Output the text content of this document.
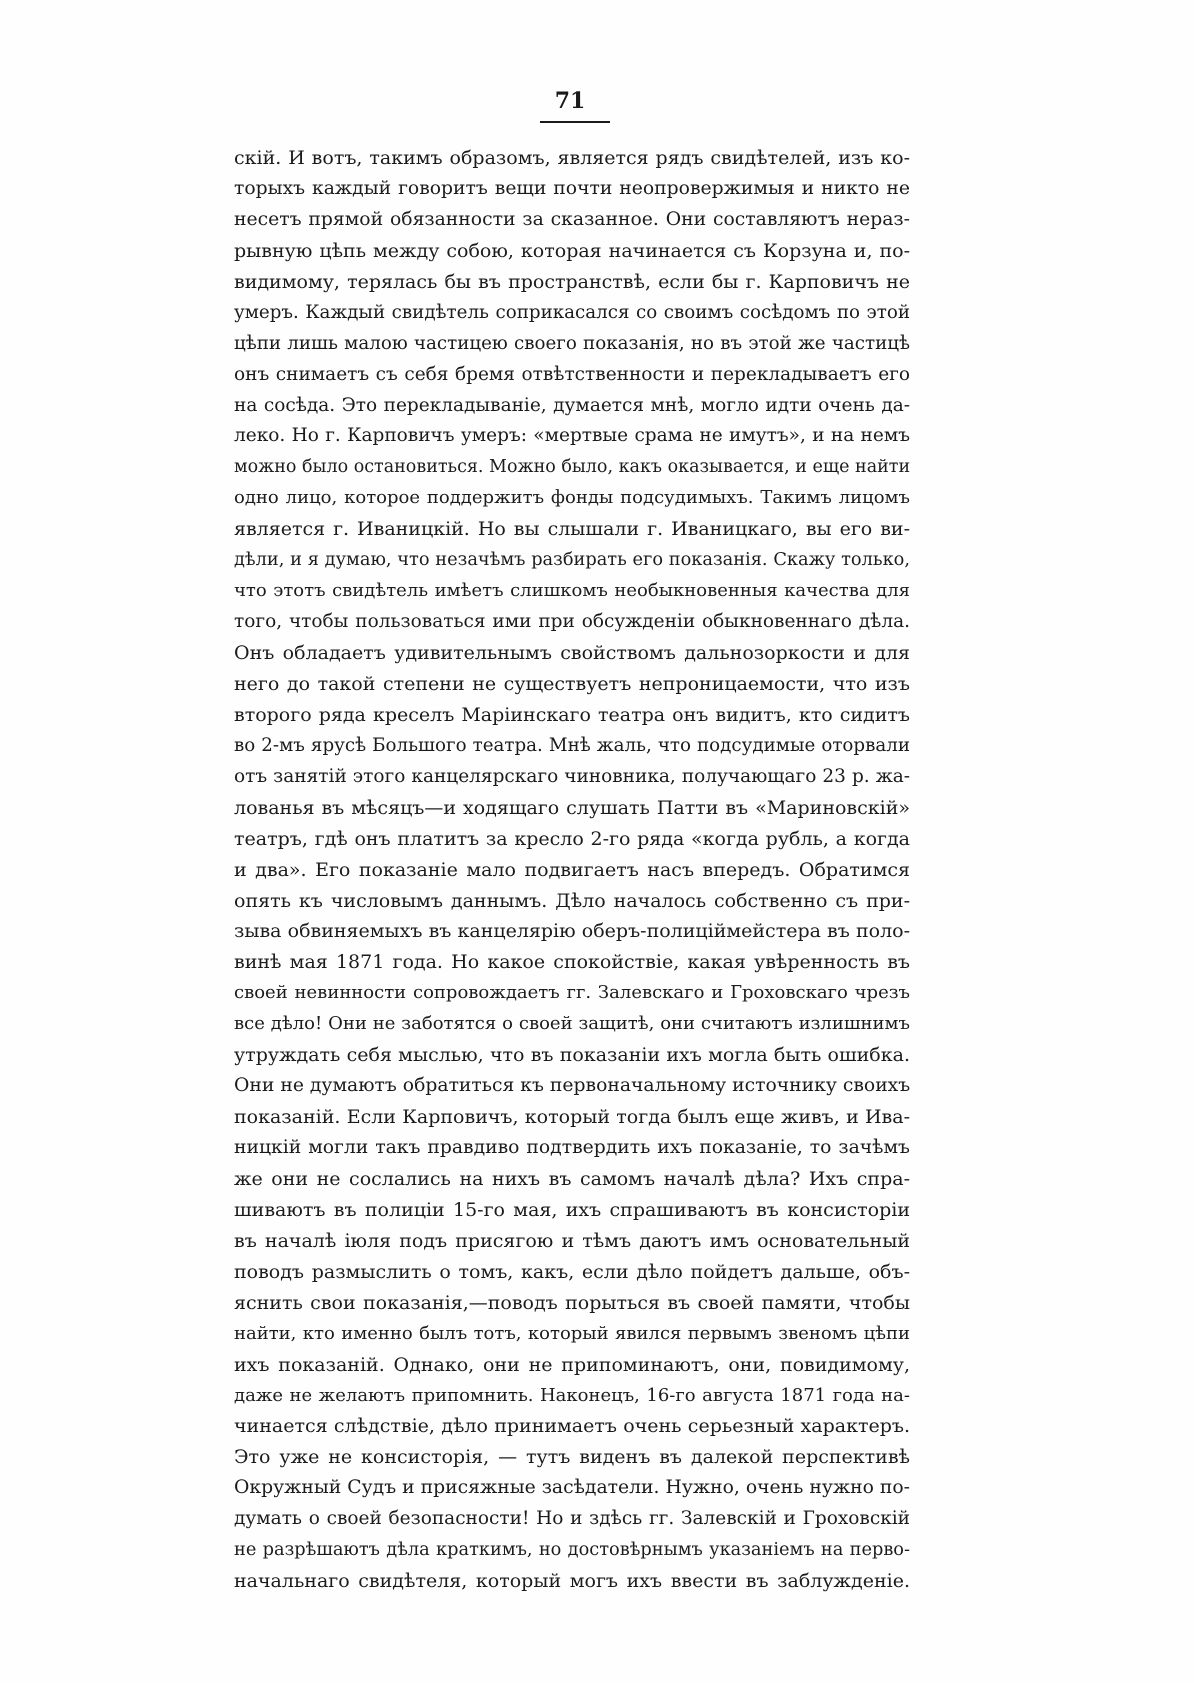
71
скій. И вотъ, такимъ образомъ, является рядъ свидѣтелей, изъ ко-
торыхъ каждый говоритъ вещи почти неопровержимыя и никто не
несетъ прямой обязанности за сказанное. Они составляютъ нераз-
рывную цѣпь между собою, которая начинается съ Корзуна и, по-
видимому, терялась бы въ пространствѣ, если бы г. Карповичъ не
умеръ. Каждый свидѣтель соприкасался со своимъ сосѣдомъ по этой
цѣпи лишь малою частицею своего показанія, но въ этой же частицѣ
онъ снимаетъ съ себя бремя отвѣтственности и перекладываетъ его
на сосѣда. Это перекладываніе, думается мнѣ, могло идти очень да-
леко. Но г. Карповичъ умеръ: «мертвые срама не имутъ», и на немъ
можно было остановиться. Можно было, какъ оказывается, и еще найти
одно лицо, которое поддержитъ фонды подсудимыхъ. Такимъ лицомъ
является г. Иваницкій. Но вы слышали г. Иваницкаго, вы его ви-
дѣли, и я думаю, что незачѣмъ разбирать его показанія. Скажу только,
что этотъ свидѣтель имѣетъ слишкомъ необыкновенныя качества для
того, чтобы пользоваться ими при обсужденіи обыкновеннаго дѣла.
Онъ обладаетъ удивительнымъ свойствомъ дальнозоркости и для
него до такой степени не существуетъ непроницаемости, что изъ
второго ряда креселъ Маріинскаго театра онъ видитъ, кто сидитъ
во 2-мъ ярусѣ Большого театра. Мнѣ жаль, что подсудимые оторвали
отъ занятій этого канцелярскаго чиновника, получающаго 23 р. жа-
лованья въ мѣсяцъ—и ходящаго слушать Патти въ «Мариновскій»
театръ, гдѣ онъ платитъ за кресло 2-го ряда «когда рубль, а когда
и два». Его показаніе мало подвигаетъ насъ впередъ. Обратимся
опять къ числовымъ даннымъ. Дѣло началось собственно съ при-
зыва обвиняемыхъ въ канцелярію оберъ-полицiймейстера въ поло-
винѣ мая 1871 года. Но какое спокойствіе, какая увѣренность въ
своей невинности сопровождаетъ гг. Залевскаго и Гроховскаго чрезъ
все дѣло! Они не заботятся о своей защитѣ, они считаютъ излишнимъ
утруждать себя мыслью, что въ показаніи ихъ могла быть ошибка.
Они не думаютъ обратиться къ первоначальному источнику своихъ
показаній. Если Карповичъ, который тогда былъ еще живъ, и Ива-
ницкій могли такъ правдиво подтвердить ихъ показаніе, то зачѣмъ
же они не сослались на нихъ въ самомъ началѣ дѣла? Ихъ спра-
шиваютъ въ полиціи 15-го мая, ихъ спрашиваютъ въ консисторіи
въ началѣ іюля подъ присягою и тѣмъ даютъ имъ основательный
поводъ размыслить о томъ, какъ, если дѣло пойдетъ дальше, объ-
яснить свои показанія,—поводъ порыться въ своей памяти, чтобы
найти, кто именно былъ тотъ, который явился первымъ звеномъ цѣпи
ихъ показаній. Однако, они не припоминаютъ, они, повидимому,
даже не желаютъ припомнить. Наконецъ, 16-го августа 1871 года на-
чинается слѣдствіе, дѣло принимаетъ очень серьезный характеръ.
Это уже не консисторія, — тутъ виденъ въ далекой перспективѣ
Окружный Судъ и присяжные засѣдатели. Нужно, очень нужно по-
думать о своей безопасности! Но и здѣсь гг. Залевскій и Гроховскій
не разрѣшаютъ дѣла краткимъ, но достовѣрнымъ указаніемъ на перво-
начальнаго свидѣтеля, который могъ ихъ ввести въ заблужденіе.
